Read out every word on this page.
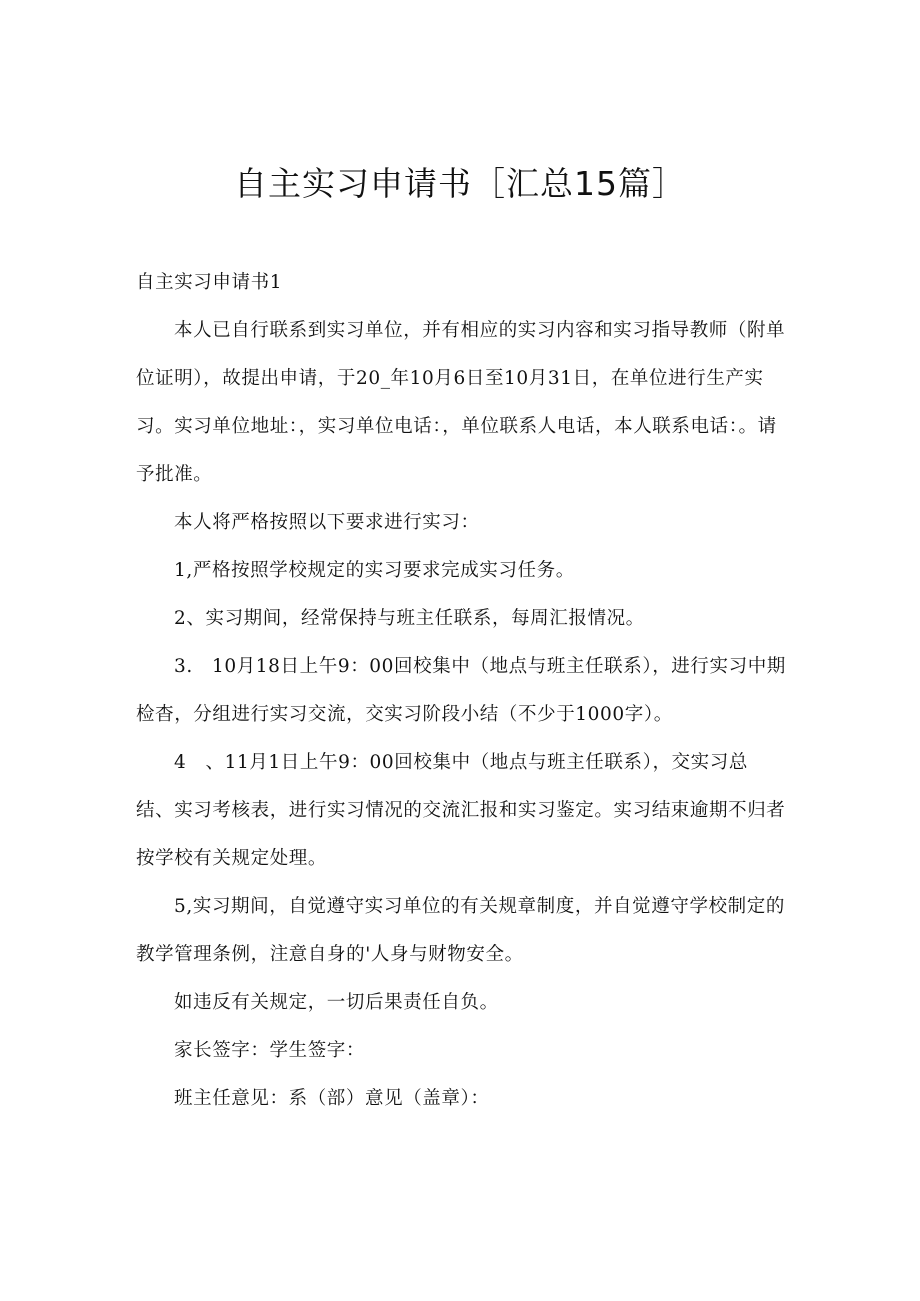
自主实习申请书［汇总15篇］

自主实习申请书1

本人已自行联系到实习单位，并有相应的实习内容和实习指导教师（附单位证明），故提出申请，于20_年10月6日至10月31日，在单位进行生产实习。实习单位地址：，实习单位电话：，单位联系人电话，本人联系电话：。请予批准。

本人将严格按照以下要求进行实习：

1,严格按照学校规定的实习要求完成实习任务。

2、实习期间，经常保持与班主任联系，每周汇报情况。

3.　10月18日上午9：00回校集中（地点与班主任联系），进行实习中期检杳，分组进行实习交流，交实习阶段小结（不少于1000字）。

4　、11月1日上午9：00回校集中（地点与班主任联系），交实习总结、实习考核表，进行实习情况的交流汇报和实习鉴定。实习结束逾期不归者按学校有关规定处理。

5,实习期间，自觉遵守实习单位的有关规章制度，并自觉遵守学校制定的教学管理条例，注意自身的'人身与财物安全。

如违反有关规定，一切后果责任自负。

家长签字：学生签字：

班主任意见：系（部）意见（盖章）：
